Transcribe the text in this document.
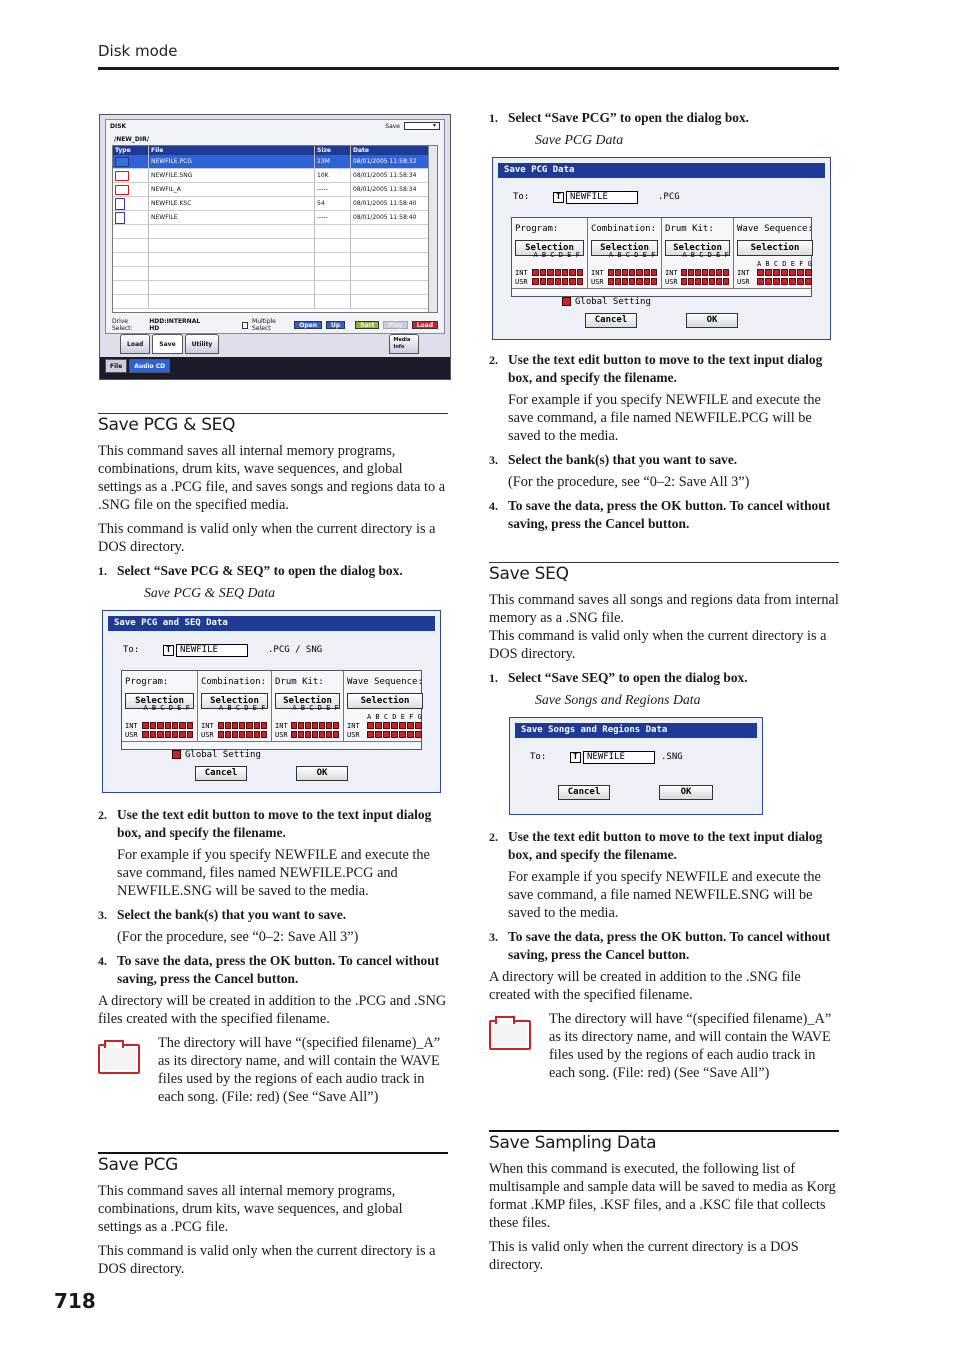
Disk mode
DISK	Save	▾
/NEW_DIR/
Type	File	Size	Date
NEWFILE.PCG	23M	08/01/2005 11:58:32
NEWFILE.SNG	10K	08/01/2005 11:58:34
NEWFIL_A	-----	08/01/2005 11:58:34
NEWFILE.KSC	54	08/01/2005 11:58:40
NEWFILE	-----	08/01/2005 11:58:40
Drive Select:
HDD:INTERNAL HD
Multiple Select	Open	Up	Sort	Play	Load
Load	Save	Utility
Media Info
File	Audio CD
Save PCG & SEQ

This command saves all internal memory programs, combinations, drum kits, wave sequences, and global settings as a .PCG file, and saves songs and regions data to a .SNG file on the specified media.

This command is valid only when the current directory is a DOS directory.

1. Select “Save PCG & SEQ” to open the dialog box.
Save PCG & SEQ Data
Save PCG and SEQ Data
To:	T NEWFILE	.PCG / SNG
Program:
Selection
A B C D E F
INT
USR
Combination:
Selection
A B C D E F
INT
USR
Drum Kit:
Selection
A B C D E F
INT
USR
Wave Sequence:
Selection
A B C D E F G
INT
USR
Global Setting
Cancel	OK
2. Use the text edit button to move to the text input dialog box, and specify the filename.

For example if you specify NEWFILE and execute the save command, files named NEWFILE.PCG and NEWFILE.SNG will be saved to the media.

3. Select the bank(s) that you want to save.

(For the procedure, see “0–2: Save All 3”)

4. To save the data, press the OK button. To cancel without saving, press the Cancel button.

A directory will be created in addition to the .PCG and .SNG files created with the specified filename.

The directory will have “(specified filename)_A” as its directory name, and will contain the WAVE files used by the regions of each audio track in each song. (File: red) (See “Save All”)

Save PCG

This command saves all internal memory programs, combinations, drum kits, wave sequences, and global settings as a .PCG file.

This command is valid only when the current directory is a DOS directory.

1. Select “Save PCG” to open the dialog box.
Save PCG Data
Save PCG Data
To:	T NEWFILE	.PCG
Program:
Selection
A B C D E F
INT
USR
Combination:
Selection
A B C D E F
INT
USR
Drum Kit:
Selection
A B C D E F
INT
USR
Wave Sequence:
Selection
A B C D E F G
INT
USR
Global Setting
Cancel	OK
2. Use the text edit button to move to the text input dialog box, and specify the filename.

For example if you specify NEWFILE and execute the save command, a file named NEWFILE.PCG will be saved to the media.

3. Select the bank(s) that you want to save.

(For the procedure, see “0–2: Save All 3”)

4. To save the data, press the OK button. To cancel without saving, press the Cancel button.
Save SEQ

This command saves all songs and regions data from internal memory as a .SNG file.

This command is valid only when the current directory is a DOS directory.

1. Select “Save SEQ” to open the dialog box.
Save Songs and Regions Data
Save Songs and Regions Data
To:	T NEWFILE	.SNG
Cancel	OK
2. Use the text edit button to move to the text input dialog box, and specify the filename.

For example if you specify NEWFILE and execute the save command, a file named NEWFILE.SNG will be saved to the media.

3. To save the data, press the OK button. To cancel without saving, press the Cancel button.

A directory will be created in addition to the .SNG file created with the specified filename.

The directory will have “(specified filename)_A” as its directory name, and will contain the WAVE files used by the regions of each audio track in each song. (File: red) (See “Save All”)

Save Sampling Data

When this command is executed, the following list of multisample and sample data will be saved to media as Korg format .KMP files, .KSF files, and a .KSC file that collects these files.

This is valid only when the current directory is a DOS directory.

718
